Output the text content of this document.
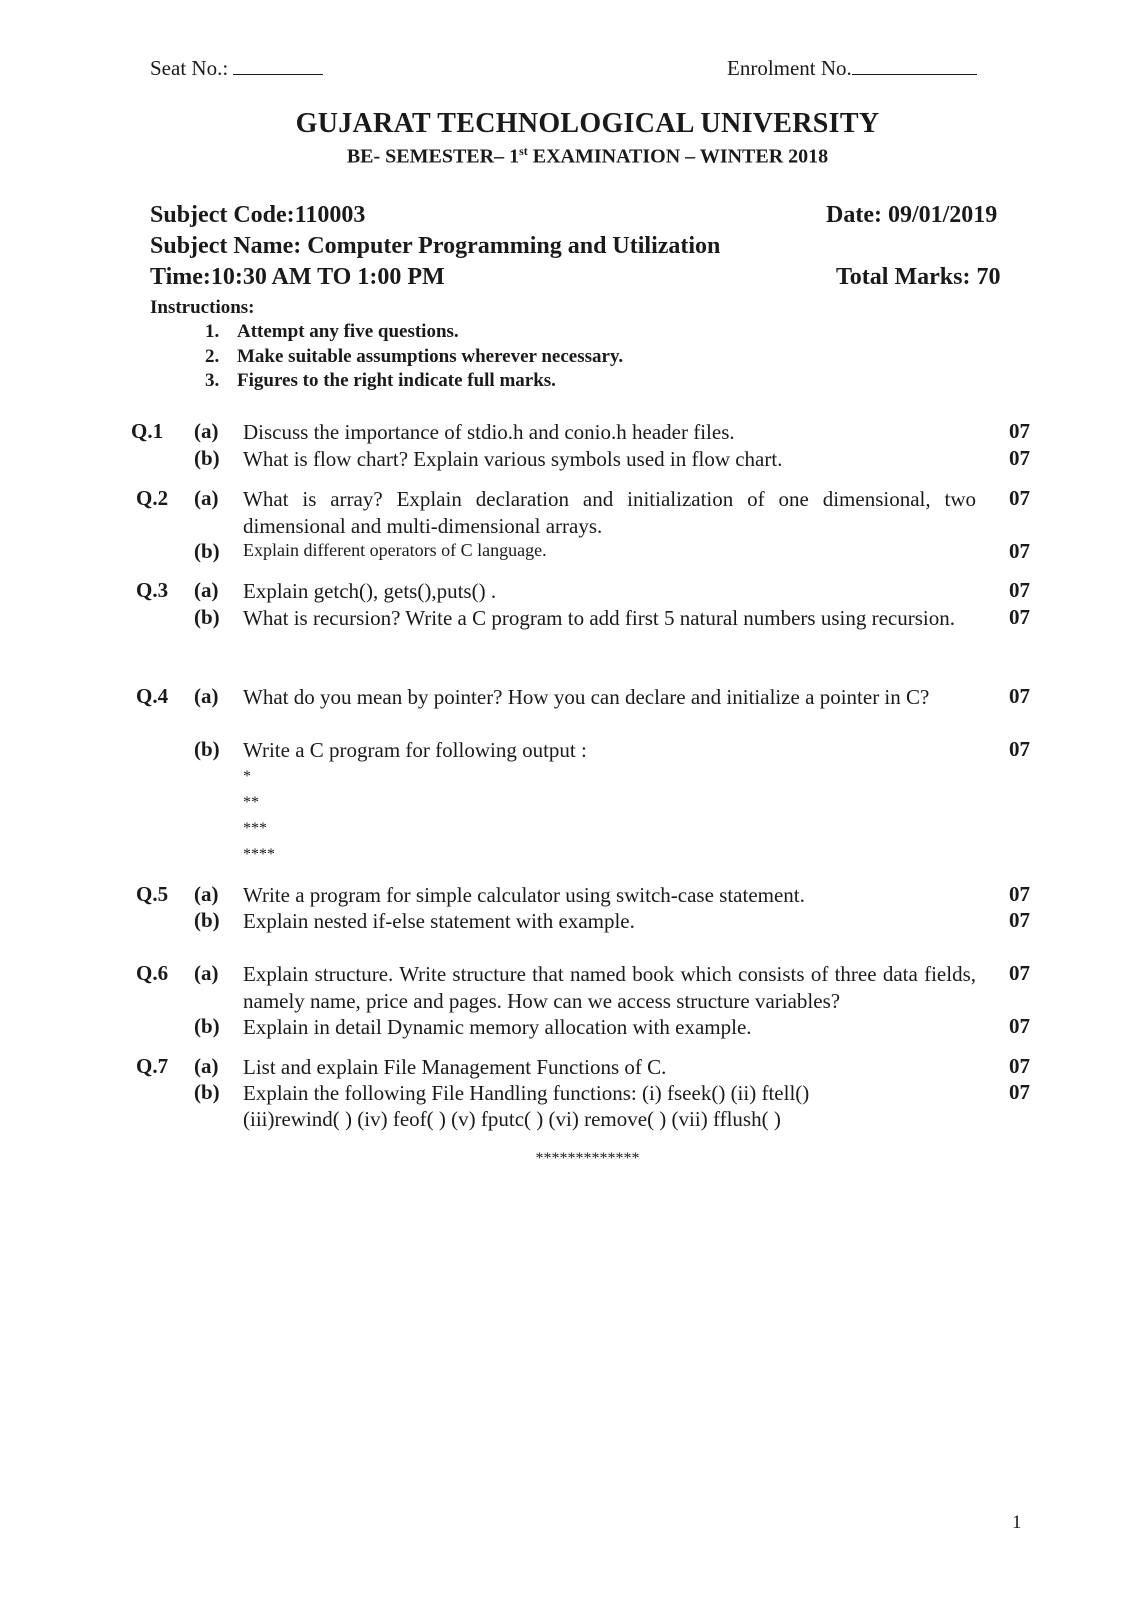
Seat No.:	Enrolment No.
GUJARAT TECHNOLOGICAL UNIVERSITY
BE- SEMESTER– 1st EXAMINATION – WINTER 2018
Subject Code:110003	Date: 09/01/2019
Subject Name: Computer Programming and Utilization
Time:10:30 AM TO 1:00 PM	Total Marks: 70
Instructions:
1. Attempt any five questions.
2. Make suitable assumptions wherever necessary.
3. Figures to the right indicate full marks.
Q.1 (a) Discuss the importance of stdio.h and conio.h header files.	07
(b) What is flow chart? Explain various symbols used in flow chart.	07
Q.2 (a) What is array? Explain declaration and initialization of one dimensional, two dimensional and multi-dimensional arrays.
07
(b) Explain different operators of C language.	07
Q.3 (a) Explain getch(), gets(),puts() .	07
(b) What is recursion? Write a C program to add first 5 natural numbers using recursion.	07
Q.4 (a) What do you mean by pointer? How you can declare and initialize a pointer in C?	07
(b) Write a C program for following output :	07
*
**
***
****
Q.5 (a) Write a program for simple calculator using switch-case statement.	07
(b) Explain nested if-else statement with example.	07
Q.6 (a) Explain structure. Write structure that named book which consists of three data fields, namely name, price and pages. How can we access structure variables?
07
(b) Explain in detail Dynamic memory allocation with example.	07
Q.7 (a) List and explain File Management Functions of C.	07
(b) Explain the following File Handling functions: (i) fseek() (ii) ftell()
(iii)rewind( ) (iv) feof( ) (v) fputc( ) (vi) remove( ) (vii) fflush( )
07
*************
1
